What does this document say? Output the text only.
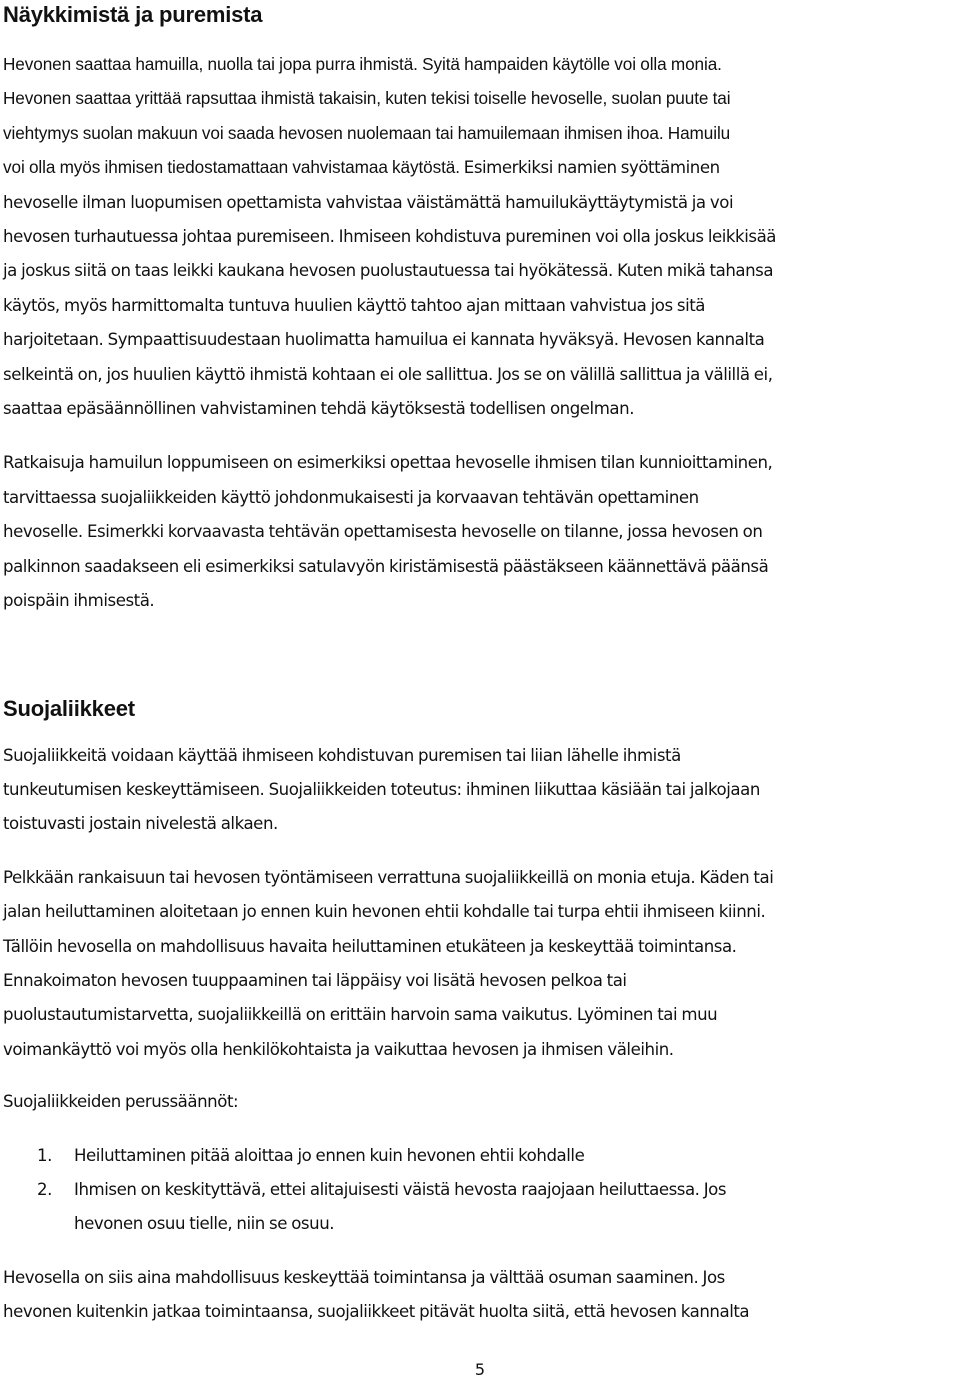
Näykkimistä ja puremista

Hevonen saattaa hamuilla, nuolla tai jopa purra ihmistä. Syitä hampaiden käytölle voi olla monia.
Hevonen saattaa yrittää rapsuttaa ihmistä takaisin, kuten tekisi toiselle hevoselle, suolan puute tai
viehtymys suolan makuun voi saada hevosen nuolemaan tai hamuilemaan ihmisen ihoa. Hamuilu
voi olla myös ihmisen tiedostamattaan vahvistamaa käytöstä. Esimerkiksi namien syöttäminen
hevoselle ilman luopumisen opettamista vahvistaa väistämättä hamuilukäyttäytymistä ja voi
hevosen turhautuessa johtaa puremiseen. Ihmiseen kohdistuva pureminen voi olla joskus leikkisää
ja joskus siitä on taas leikki kaukana hevosen puolustautuessa tai hyökätessä. Kuten mikä tahansa
käytös, myös harmittomalta tuntuva huulien käyttö tahtoo ajan mittaan vahvistua jos sitä
harjoitetaan. Sympaattisuudestaan huolimatta hamuilua ei kannata hyväksyä. Hevosen kannalta
selkeintä on, jos huulien käyttö ihmistä kohtaan ei ole sallittua. Jos se on välillä sallittua ja välillä ei,
saattaa epäsäännöllinen vahvistaminen tehdä käytöksestä todellisen ongelman.

Ratkaisuja hamuilun loppumiseen on esimerkiksi opettaa hevoselle ihmisen tilan kunnioittaminen,
tarvittaessa suojaliikkeiden käyttö johdonmukaisesti ja korvaavan tehtävän opettaminen
hevoselle. Esimerkki korvaavasta tehtävän opettamisesta hevoselle on tilanne, jossa hevosen on
palkinnon saadakseen eli esimerkiksi satulavyön kiristämisestä päästäkseen käännettävä päänsä
poispäin ihmisestä.

Suojaliikkeet

Suojaliikkeitä voidaan käyttää ihmiseen kohdistuvan puremisen tai liian lähelle ihmistä
tunkeutumisen keskeyttämiseen. Suojaliikkeiden toteutus: ihminen liikuttaa käsiään tai jalkojaan
toistuvasti jostain nivelestä alkaen.

Pelkkään rankaisuun tai hevosen työntämiseen verrattuna suojaliikkeillä on monia etuja. Käden tai
jalan heiluttaminen aloitetaan jo ennen kuin hevonen ehtii kohdalle tai turpa ehtii ihmiseen kiinni.
Tällöin hevosella on mahdollisuus havaita heiluttaminen etukäteen ja keskeyttää toimintansa.
Ennakoimaton hevosen tuuppaaminen tai läppäisy voi lisätä hevosen pelkoa tai
puolustautumistarvetta, suojaliikkeillä on erittäin harvoin sama vaikutus. Lyöminen tai muu
voimankäyttö voi myös olla henkilökohtaista ja vaikuttaa hevosen ja ihmisen väleihin.

Suojaliikkeiden perussäännöt:

1. Heiluttaminen pitää aloittaa jo ennen kuin hevonen ehtii kohdalle
2. Ihmisen on keskityttävä, ettei alitajuisesti väistä hevosta raajojaan heiluttaessa. Jos
hevonen osuu tielle, niin se osuu.

Hevosella on siis aina mahdollisuus keskeyttää toimintansa ja välttää osuman saaminen. Jos
hevonen kuitenkin jatkaa toimintaansa, suojaliikkeet pitävät huolta siitä, että hevosen kannalta

5
